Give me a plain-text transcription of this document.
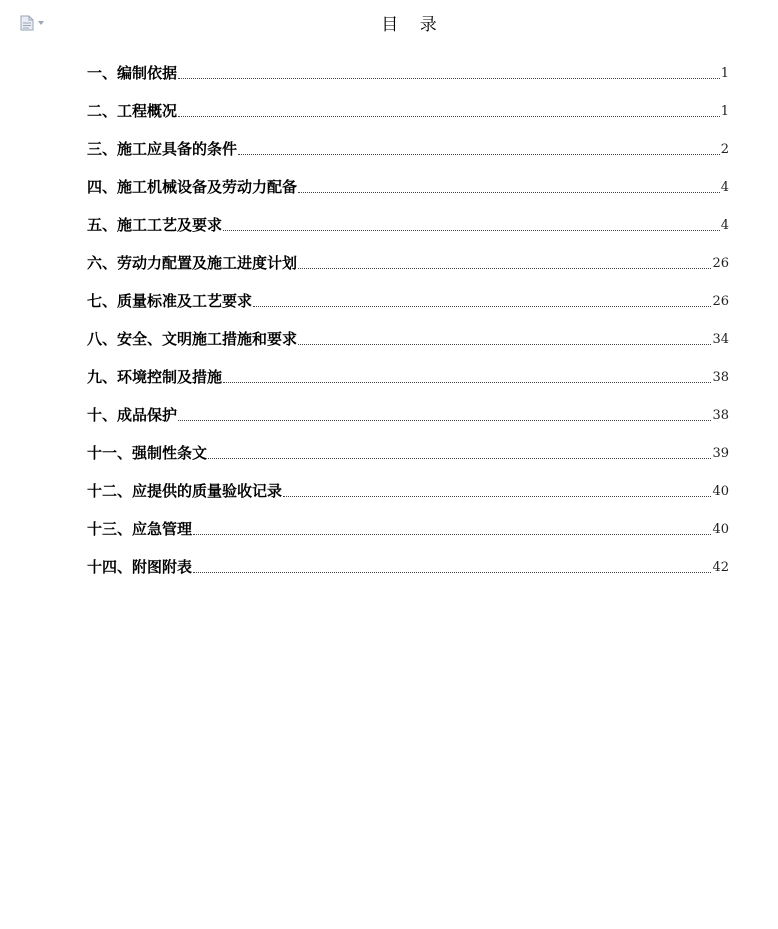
目    录
一、编制依据	1
二、工程概况	1
三、施工应具备的条件	2
四、施工机械设备及劳动力配备	4
五、施工工艺及要求	4
六、劳动力配置及施工进度计划	26
七、质量标准及工艺要求	26
八、安全、文明施工措施和要求	34
九、环境控制及措施	38
十、成品保护	38
十一、强制性条文	39
十二、应提供的质量验收记录	40
十三、应急管理	40
十四、附图附表	42
